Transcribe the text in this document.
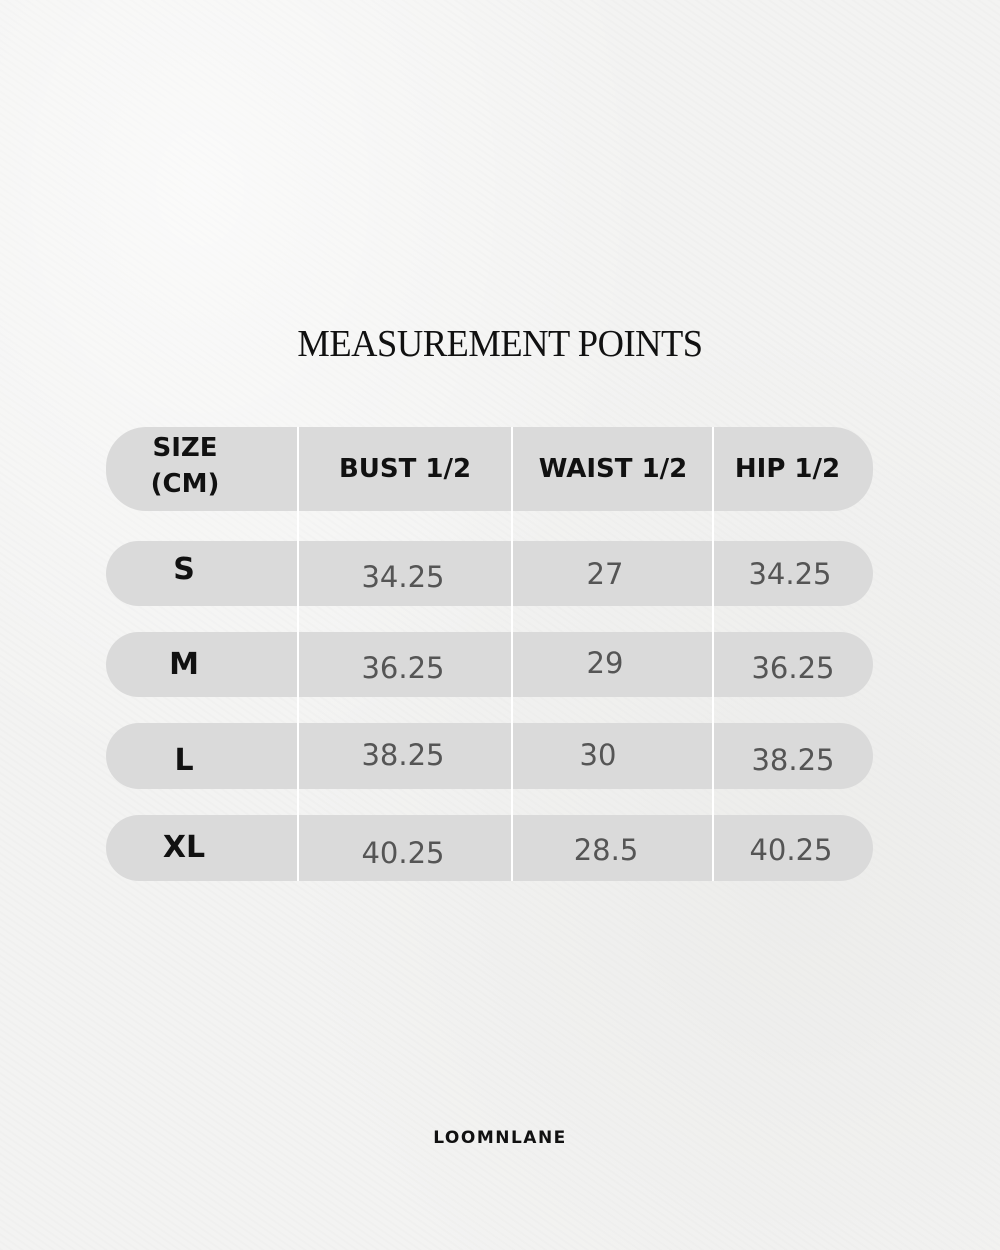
MEASUREMENT POINTS
SIZE
(CM)	BUST 1/2	WAIST 1/2	HIP 1/2
S	34.25	27	34.25
M	36.25	29	36.25
L	38.25	30	38.25
XL	40.25	28.5	40.25
LOOMNLANE
